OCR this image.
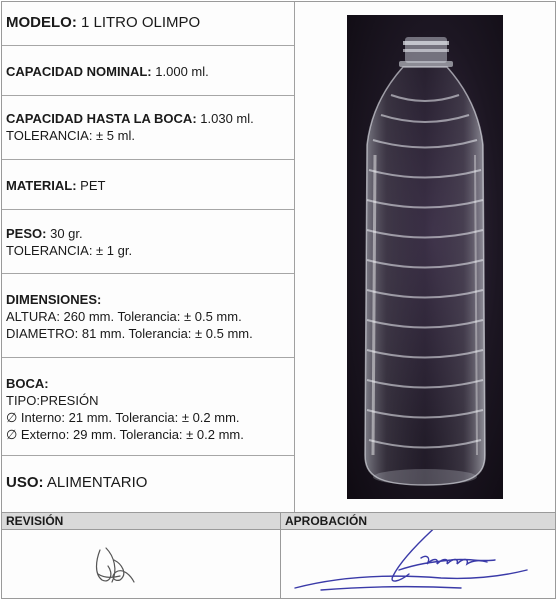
MODELO: 1 LITRO OLIMPO
CAPACIDAD NOMINAL: 1.000 ml.
CAPACIDAD HASTA LA BOCA: 1.030 ml.
TOLERANCIA: ± 5 ml.
MATERIAL: PET
PESO: 30 gr.
TOLERANCIA: ± 1 gr.
DIMENSIONES:
ALTURA: 260 mm. Tolerancia: ± 0.5 mm.
DIAMETRO: 81 mm. Tolerancia: ± 0.5 mm.
BOCA:
TIPO:PRESIÓN
∅ Interno: 21 mm. Tolerancia: ± 0.2 mm.
∅ Externo: 29 mm. Tolerancia: ± 0.2 mm.
USO: ALIMENTARIO
REVISIÓN	APROBACIÓN
